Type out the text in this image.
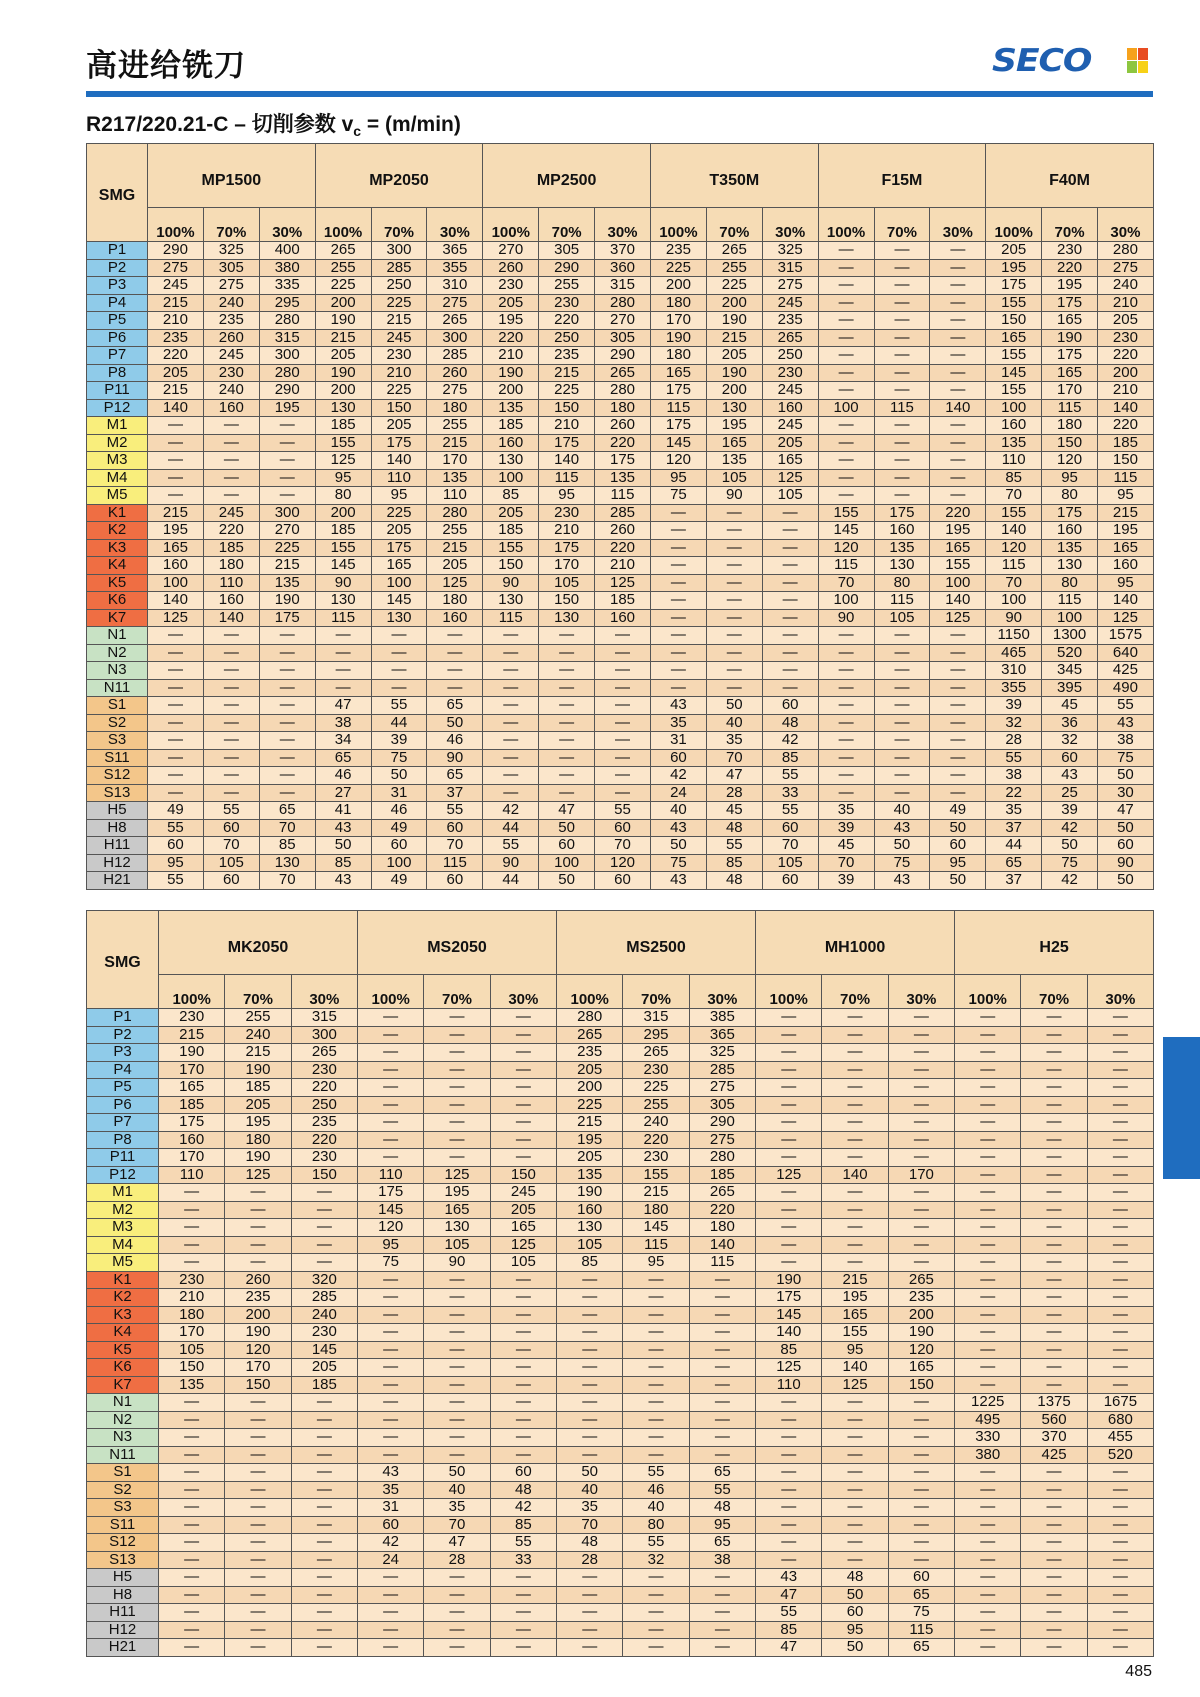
高进给铣刀	SECO
R217/220.21-C – 切削参数 $v_c = (m/\min)$
SMG	MP1500			MP2050			MP2500			T350M			F15M			F40M		
	100%	70%	30%	100%	70%	30%	100%	70%	30%	100%	70%	30%	100%	70%	30%	100%	70%	30%
P1	290	325	400	265	300	365	270	305	370	235	265	325	—	—	—	205	230	280
P2	275	305	380	255	285	355	260	290	360	225	255	315	—	—	—	195	220	275
P3	245	275	335	225	250	310	230	255	315	200	225	275	—	—	—	175	195	240
P4	215	240	295	200	225	275	205	230	280	180	200	245	—	—	—	155	175	210
P5	210	235	280	190	215	265	195	220	270	170	190	235	—	—	—	150	165	205
P6	235	260	315	215	245	300	220	250	305	190	215	265	—	—	—	165	190	230
P7	220	245	300	205	230	285	210	235	290	180	205	250	—	—	—	155	175	220
P8	205	230	280	190	210	260	190	215	265	165	190	230	—	—	—	145	165	200
P11	215	240	290	200	225	275	200	225	280	175	200	245	—	—	—	155	170	210
P12	140	160	195	130	150	180	135	150	180	115	130	160	100	115	140	100	115	140
M1	—	—	—	185	205	255	185	210	260	175	195	245	—	—	—	160	180	220
M2	—	—	—	155	175	215	160	175	220	145	165	205	—	—	—	135	150	185
M3	—	—	—	125	140	170	130	140	175	120	135	165	—	—	—	110	120	150
M4	—	—	—	95	110	135	100	115	135	95	105	125	—	—	—	85	95	115
M5	—	—	—	80	95	110	85	95	115	75	90	105	—	—	—	70	80	95
K1	215	245	300	200	225	280	205	230	285	—	—	—	155	175	220	155	175	215
K2	195	220	270	185	205	255	185	210	260	—	—	—	145	160	195	140	160	195
K3	165	185	225	155	175	215	155	175	220	—	—	—	120	135	165	120	135	165
K4	160	180	215	145	165	205	150	170	210	—	—	—	115	130	155	115	130	160
K5	100	110	135	90	100	125	90	105	125	—	—	—	70	80	100	70	80	95
K6	140	160	190	130	145	180	130	150	185	—	—	—	100	115	140	100	115	140
K7	125	140	175	115	130	160	115	130	160	—	—	—	90	105	125	90	100	125
N1	—	—	—	—	—	—	—	—	—	—	—	—	—	—	—	1150	1300	1575
N2	—	—	—	—	—	—	—	—	—	—	—	—	—	—	—	465	520	640
N3	—	—	—	—	—	—	—	—	—	—	—	—	—	—	—	310	345	425
N11	—	—	—	—	—	—	—	—	—	—	—	—	—	—	—	355	395	490
S1	—	—	—	47	55	65	—	—	—	43	50	60	—	—	—	39	45	55
S2	—	—	—	38	44	50	—	—	—	35	40	48	—	—	—	32	36	43
S3	—	—	—	34	39	46	—	—	—	31	35	42	—	—	—	28	32	38
S11	—	—	—	65	75	90	—	—	—	60	70	85	—	—	—	55	60	75
S12	—	—	—	46	50	65	—	—	—	42	47	55	—	—	—	38	43	50
S13	—	—	—	27	31	37	—	—	—	24	28	33	—	—	—	22	25	30
H5	49	55	65	41	46	55	42	47	55	40	45	55	35	40	49	35	39	47
H8	55	60	70	43	49	60	44	50	60	43	48	60	39	43	50	37	42	50
H11	60	70	85	50	60	70	55	60	70	50	55	70	45	50	60	44	50	60
H12	95	105	130	85	100	115	90	100	120	75	85	105	70	75	95	65	75	90
H21	55	60	70	43	49	60	44	50	60	43	48	60	39	43	50	37	42	50
SMG	MK2050			MS2050			MS2500			MH1000			H25		
	100%	70%	30%	100%	70%	30%	100%	70%	30%	100%	70%	30%	100%	70%	30%
P1	230	255	315	—	—	—	280	315	385	—	—	—	—	—	—
P2	215	240	300	—	—	—	265	295	365	—	—	—	—	—	—
P3	190	215	265	—	—	—	235	265	325	—	—	—	—	—	—
P4	170	190	230	—	—	—	205	230	285	—	—	—	—	—	—
P5	165	185	220	—	—	—	200	225	275	—	—	—	—	—	—
P6	185	205	250	—	—	—	225	255	305	—	—	—	—	—	—
P7	175	195	235	—	—	—	215	240	290	—	—	—	—	—	—
P8	160	180	220	—	—	—	195	220	275	—	—	—	—	—	—
P11	170	190	230	—	—	—	205	230	280	—	—	—	—	—	—
P12	110	125	150	110	125	150	135	155	185	125	140	170	—	—	—
M1	—	—	—	175	195	245	190	215	265	—	—	—	—	—	—
M2	—	—	—	145	165	205	160	180	220	—	—	—	—	—	—
M3	—	—	—	120	130	165	130	145	180	—	—	—	—	—	—
M4	—	—	—	95	105	125	105	115	140	—	—	—	—	—	—
M5	—	—	—	75	90	105	85	95	115	—	—	—	—	—	—
K1	230	260	320	—	—	—	—	—	—	190	215	265	—	—	—
K2	210	235	285	—	—	—	—	—	—	175	195	235	—	—	—
K3	180	200	240	—	—	—	—	—	—	145	165	200	—	—	—
K4	170	190	230	—	—	—	—	—	—	140	155	190	—	—	—
K5	105	120	145	—	—	—	—	—	—	85	95	120	—	—	—
K6	150	170	205	—	—	—	—	—	—	125	140	165	—	—	—
K7	135	150	185	—	—	—	—	—	—	110	125	150	—	—	—
N1	—	—	—	—	—	—	—	—	—	—	—	—	1225	1375	1675
N2	—	—	—	—	—	—	—	—	—	—	—	—	495	560	680
N3	—	—	—	—	—	—	—	—	—	—	—	—	330	370	455
N11	—	—	—	—	—	—	—	—	—	—	—	—	380	425	520
S1	—	—	—	43	50	60	50	55	65	—	—	—	—	—	—
S2	—	—	—	35	40	48	40	46	55	—	—	—	—	—	—
S3	—	—	—	31	35	42	35	40	48	—	—	—	—	—	—
S11	—	—	—	60	70	85	70	80	95	—	—	—	—	—	—
S12	—	—	—	42	47	55	48	55	65	—	—	—	—	—	—
S13	—	—	—	24	28	33	28	32	38	—	—	—	—	—	—
H5	—	—	—	—	—	—	—	—	—	43	48	60	—	—	—
H8	—	—	—	—	—	—	—	—	—	47	50	65	—	—	—
H11	—	—	—	—	—	—	—	—	—	55	60	75	—	—	—
H12	—	—	—	—	—	—	—	—	—	85	95	115	—	—	—
H21	—	—	—	—	—	—	—	—	—	47	50	65	—	—	—
485
